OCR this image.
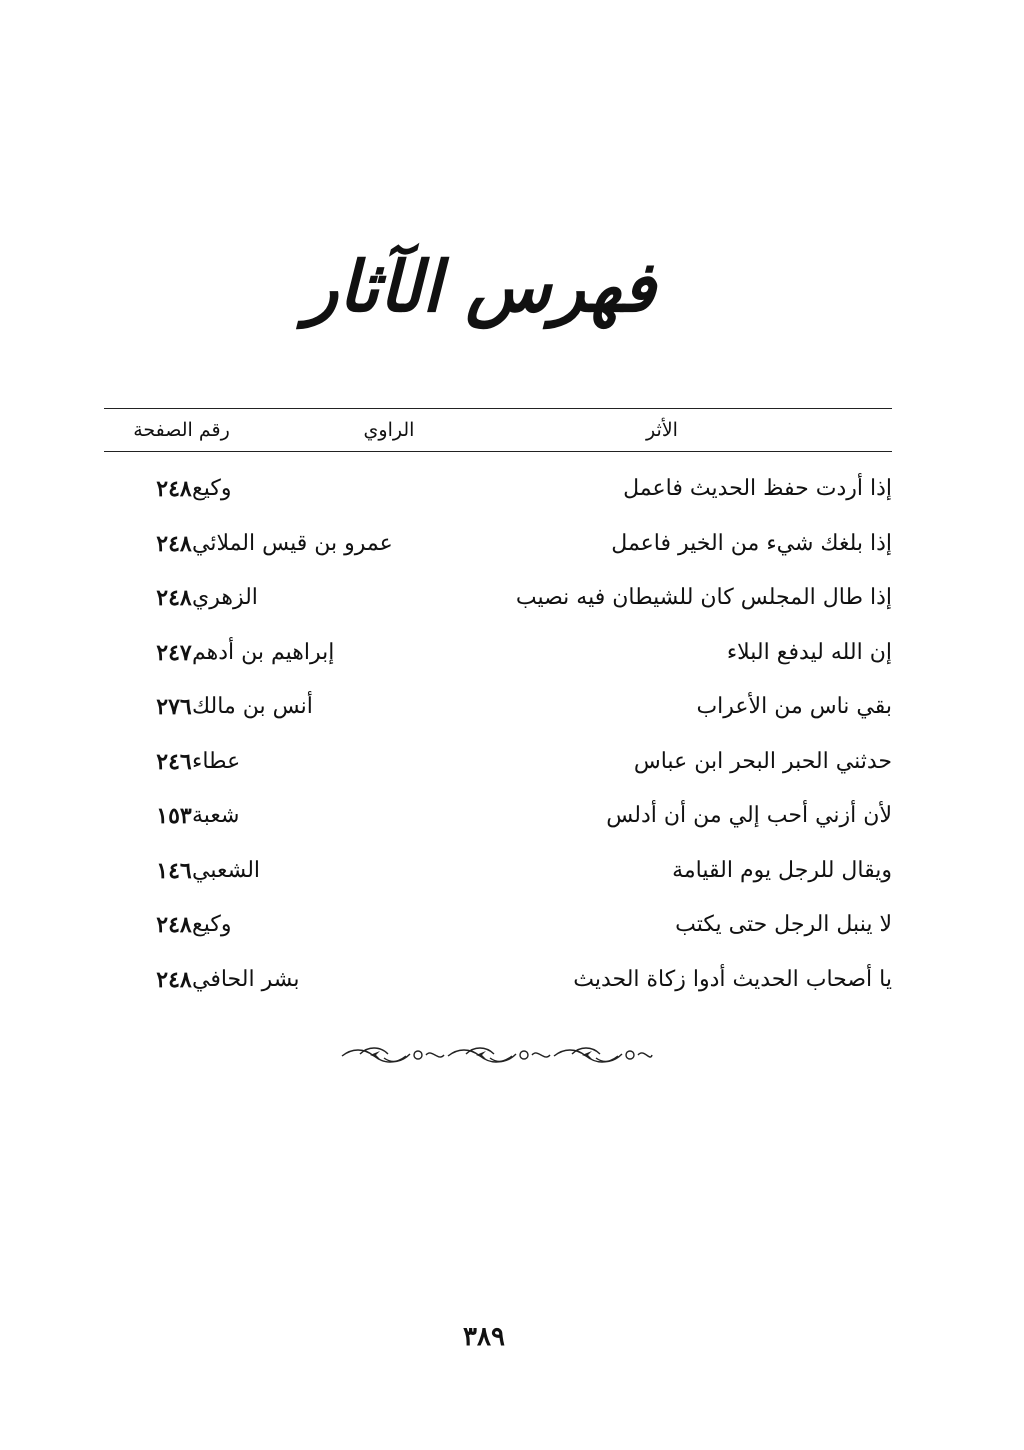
فهرس الآثار
الأثر
الراوي
رقم الصفحة
إذا أردت حفظ الحديث فاعمل
وكيع
٢٤٨
إذا بلغك شيء من الخير فاعمل
عمرو بن قيس الملائي
٢٤٨
إذا طال المجلس كان للشيطان فيه نصيب
الزهري
٢٤٨
إن الله ليدفع البلاء
إبراهيم بن أدهم
٢٤٧
بقي ناس من الأعراب
أنس بن مالك
٢٧٦
حدثني الحبر البحر ابن عباس
عطاء
٢٤٦
لأن أزني أحب إلي من أن أدلس
شعبة
١٥٣
ويقال للرجل يوم القيامة
الشعبي
١٤٦
لا ينبل الرجل حتى يكتب
وكيع
٢٤٨
يا أصحاب الحديث أدوا زكاة الحديث
بشر الحافي
٢٤٨
٣٨٩
